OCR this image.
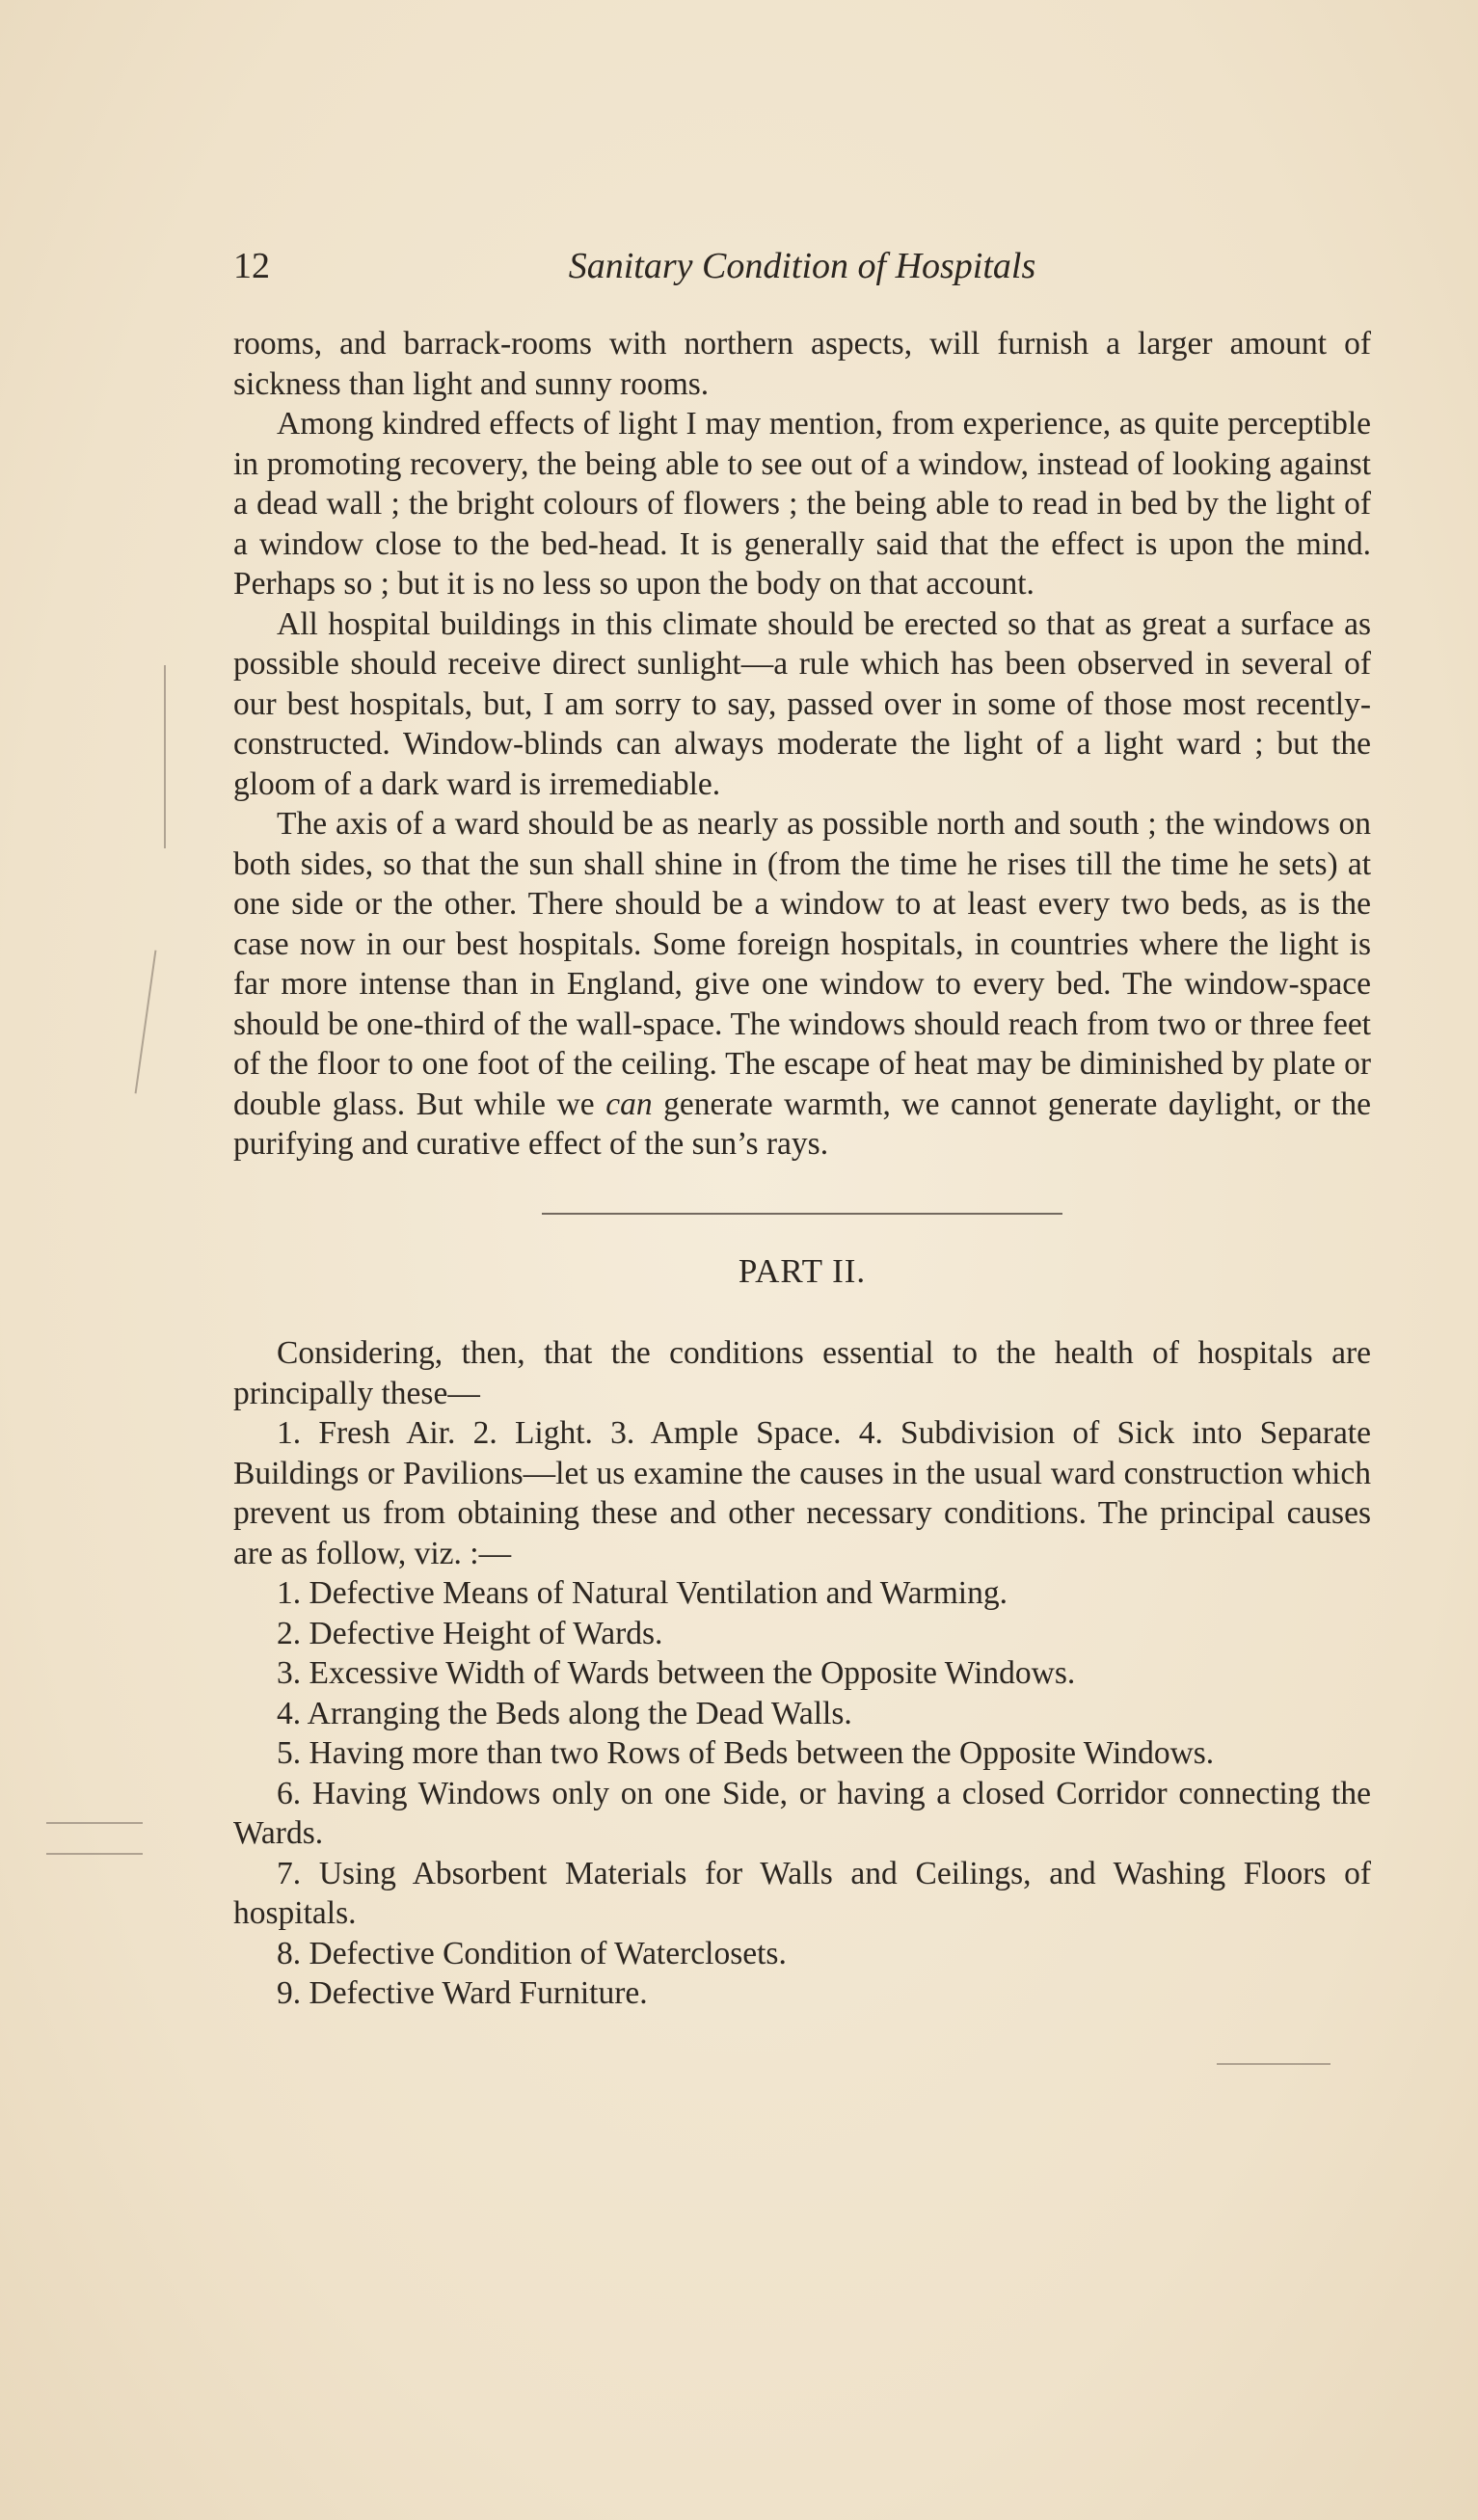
12	Sanitary Condition of Hospitals

rooms, and barrack-rooms with northern aspects, will furnish a larger amount of sickness than light and sunny rooms.

Among kindred effects of light I may mention, from experience, as quite perceptible in promoting recovery, the being able to see out of a window, instead of looking against a dead wall ; the bright colours of flowers ; the being able to read in bed by the light of a window close to the bed-head. It is generally said that the effect is upon the mind. Perhaps so ; but it is no less so upon the body on that account.

All hospital buildings in this climate should be erected so that as great a surface as possible should receive direct sunlight—a rule which has been observed in several of our best hospitals, but, I am sorry to say, passed over in some of those most recently-constructed. Window-blinds can always moderate the light of a light ward ; but the gloom of a dark ward is irremediable.

The axis of a ward should be as nearly as possible north and south ; the windows on both sides, so that the sun shall shine in (from the time he rises till the time he sets) at one side or the other. There should be a window to at least every two beds, as is the case now in our best hospitals. Some foreign hospitals, in countries where the light is far more intense than in England, give one window to every bed. The window-space should be one-third of the wall-space. The windows should reach from two or three feet of the floor to one foot of the ceiling. The escape of heat may be diminished by plate or double glass. But while we can generate warmth, we cannot generate daylight, or the purifying and curative effect of the sun’s rays.

PART II.

Considering, then, that the conditions essential to the health of hospitals are principally these—

1. Fresh Air. 2. Light. 3. Ample Space. 4. Subdivision of Sick into Separate Buildings or Pavilions—let us examine the causes in the usual ward construction which prevent us from obtaining these and other necessary conditions. The principal causes are as follow, viz. :—

1. Defective Means of Natural Ventilation and Warming.

2. Defective Height of Wards.

3. Excessive Width of Wards between the Opposite Windows.

4. Arranging the Beds along the Dead Walls.

5. Having more than two Rows of Beds between the Opposite Windows.

6. Having Windows only on one Side, or having a closed Corridor connecting the Wards.

7. Using Absorbent Materials for Walls and Ceilings, and Washing Floors of hospitals.

8. Defective Condition of Waterclosets.

9. Defective Ward Furniture.
